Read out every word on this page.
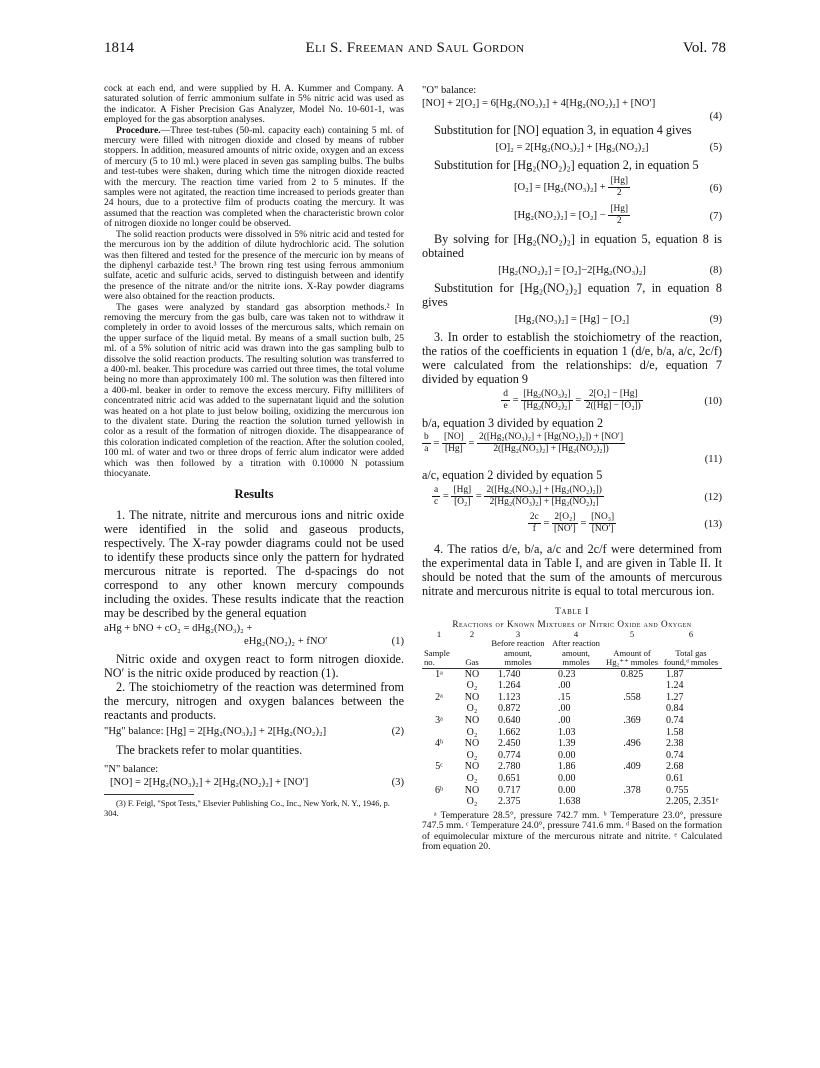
1814	Eli S. Freeman and Saul Gordon	Vol. 78

cock at each end, and were supplied by H. A. Kummer and Company. A saturated solution of ferric ammonium sulfate in 5% nitric acid was used as the indicator. A Fisher Precision Gas Analyzer, Model No. 10-601-1, was employed for the gas absorption analyses.

Procedure.—Three test-tubes (50-ml. capacity each) containing 5 ml. of mercury were filled with nitrogen dioxide and closed by means of rubber stoppers. In addition, measured amounts of nitric oxide, oxygen and an excess of mercury (5 to 10 ml.) were placed in seven gas sampling bulbs. The bulbs and test-tubes were shaken, during which time the nitrogen dioxide reacted with the mercury. The reaction time varied from 2 to 5 minutes. If the samples were not agitated, the reaction time increased to periods greater than 24 hours, due to a protective film of products coating the mercury. It was assumed that the reaction was completed when the characteristic brown color of nitrogen dioxide no longer could be observed.

The solid reaction products were dissolved in 5% nitric acid and tested for the mercurous ion by the addition of dilute hydrochloric acid. The solution was then filtered and tested for the presence of the mercuric ion by means of the diphenyl carbazide test.³ The brown ring test using ferrous ammonium sulfate, acetic and sulfuric acids, served to distinguish between and identify the presence of the nitrate and/or the nitrite ions. X-Ray powder diagrams were also obtained for the reaction products.

The gases were analyzed by standard gas absorption methods.² In removing the mercury from the gas bulb, care was taken not to withdraw it completely in order to avoid losses of the mercurous salts, which remain on the upper surface of the liquid metal. By means of a small suction bulb, 25 ml. of a 5% solution of nitric acid was drawn into the gas sampling bulb to dissolve the solid reaction products. The resulting solution was transferred to a 400-ml. beaker. This procedure was carried out three times, the total volume being no more than approximately 100 ml. The solution was then filtered into a 400-ml. beaker in order to remove the excess mercury. Fifty milliliters of concentrated nitric acid was added to the supernatant liquid and the solution was heated on a hot plate to just below boiling, oxidizing the mercurous ion to the divalent state. During the reaction the solution turned yellowish in color as a result of the formation of nitrogen dioxide. The disappearance of this coloration indicated completion of the reaction. After the solution cooled, 100 ml. of water and two or three drops of ferric alum indicator were added which was then followed by a titration with 0.10000 N potassium thiocyanate.

Results

1. The nitrate, nitrite and mercurous ions and nitric oxide were identified in the solid and gaseous products, respectively. The X-ray powder diagrams could not be used to identify these products since only the pattern for hydrated mercurous nitrate is reported. The d-spacings do not correspond to any other known mercury compounds including the oxides. These results indicate that the reaction may be described by the general equation

aHg + bNO + cO₂ = dHg₂(NO₃)₂ +
eHg₂(NO₂)₂ + fNO′	(1)

Nitric oxide and oxygen react to form nitrogen dioxide. NO′ is the nitric oxide produced by reaction (1).

2. The stoichiometry of the reaction was determined from the mercury, nitrogen and oxygen balances between the reactants and products.

"Hg" balance: [Hg] = 2[Hg₂(NO₃)₂] + 2[Hg₂(NO₂)₂]	(2)

The brackets refer to molar quantities.

"N" balance:
[NO] = 2[Hg₂(NO₃)₂] + 2[Hg₂(NO₂)₂] + [NO′]	(3)

(3) F. Feigl, "Spot Tests," Elsevier Publishing Co., Inc., New York, N. Y., 1946, p. 304.

"O" balance:
[NO] + 2[O₂] = 6[Hg₂(NO₃)₂] + 4[Hg₂(NO₂)₂] + [NO′]
(4)

Substitution for [NO] equation 3, in equation 4 gives

[O]₂ = 2[Hg₂(NO₃)₂] + [Hg₂(NO₂)₂]	(5)

Substitution for [Hg₂(NO₂)₂] equation 2, in equation 5

$[O_2] = [Hg_2(NO_3)_2] + \frac{[Hg]}{2}$	(6)
$[Hg_2(NO_2)_2] = [O_2] - \frac{[Hg]}{2}$	(7)

By solving for [Hg₂(NO₂)₂] in equation 5, equation 8 is obtained

[Hg₂(NO₂)₂] = [O₂]−2[Hg₂(NO₃)₂]	(8)

Substitution for [Hg₂(NO₂)₂] equation 7, in equation 8 gives

[Hg₂(NO₃)₂] = [Hg] − [O₂]	(9)

3. In order to establish the stoichiometry of the reaction, the ratios of the coefficients in equation 1 (d/e, b/a, a/c, 2c/f) were calculated from the relationships: d/e, equation 7 divided by equation 9

$\frac{d}{e} = \frac{\text{[Hg₂(NO₃)₂]}}{\text{[Hg₂(NO₂)₂]}} = \frac{\text{2[O₂] − [Hg]}}{\text{2([Hg] − [O₂])}}$	(10)

b/a, equation 3 divided by equation 2

$\frac{b}{a} = \frac{[NO]}{[Hg]} = \frac{\text{2([Hg₂(NO₃)₂] + [Hg(NO₂)₂]) + [NO′]}}{\text{2([Hg₂(NO₃)₂] + [Hg₂(NO₂)₂])}}$
(11)

a/c, equation 2 divided by equation 5

$\frac{a}{c} = \frac{[Hg]}{\text{[O₂]}} = \frac{\text{2([Hg₂(NO₃)₂] + [Hg₂(NO₂)₂])}}{\text{2[Hg₂(NO₃)₂] + [Hg₂(NO₂)₂]}}$	(12)
$\frac{2c}{f} = \frac{\text{2[O₂]}}{[NO']} = \frac{\text{[NO₃]}}{[NO']}$	(13)

4. The ratios d/e, b/a, a/c and 2c/f were determined from the experimental data in Table I, and are given in Table II. It should be noted that the sum of the amounts of mercurous nitrate and mercurous nitrite is equal to total mercurous ion.

Table I
Reactions of Known Mixtures of Nitric Oxide and Oxygen
1	2	3	4	5	6
Sample no.	Gas	Before reaction amount, mmoles	After reaction amount, mmoles	Amount of Hg₂⁺⁺ mmoles	Total gas found,ᵈ mmoles
1ᵃ	NO	1.740	0.23	0.825	1.87
	O₂	1.264	.00		1.24
2ᵃ	NO	1.123	.15	.558	1.27
	O₂	0.872	.00		0.84
3ᵃ	NO	0.640	.00	.369	0.74
	O₂	1.662	1.03		1.58
4ᵇ	NO	2.450	1.39	.496	2.38
	O₂	0.774	0.00		0.74
5ᶜ	NO	2.780	1.86	.409	2.68
	O₂	0.651	0.00		0.61
6ᵇ	NO	0.717	0.00	.378	0.755
	O₂	2.375	1.638		2.205, 2.351ᵉ

ᵃ Temperature 28.5°, pressure 742.7 mm. ᵇ Temperature 23.0°, pressure 747.5 mm. ᶜ Temperature 24.0°, pressure 741.6 mm. ᵈ Based on the formation of equimolecular mixture of the mercurous nitrate and nitrite. ᵉ Calculated from equation 20.
